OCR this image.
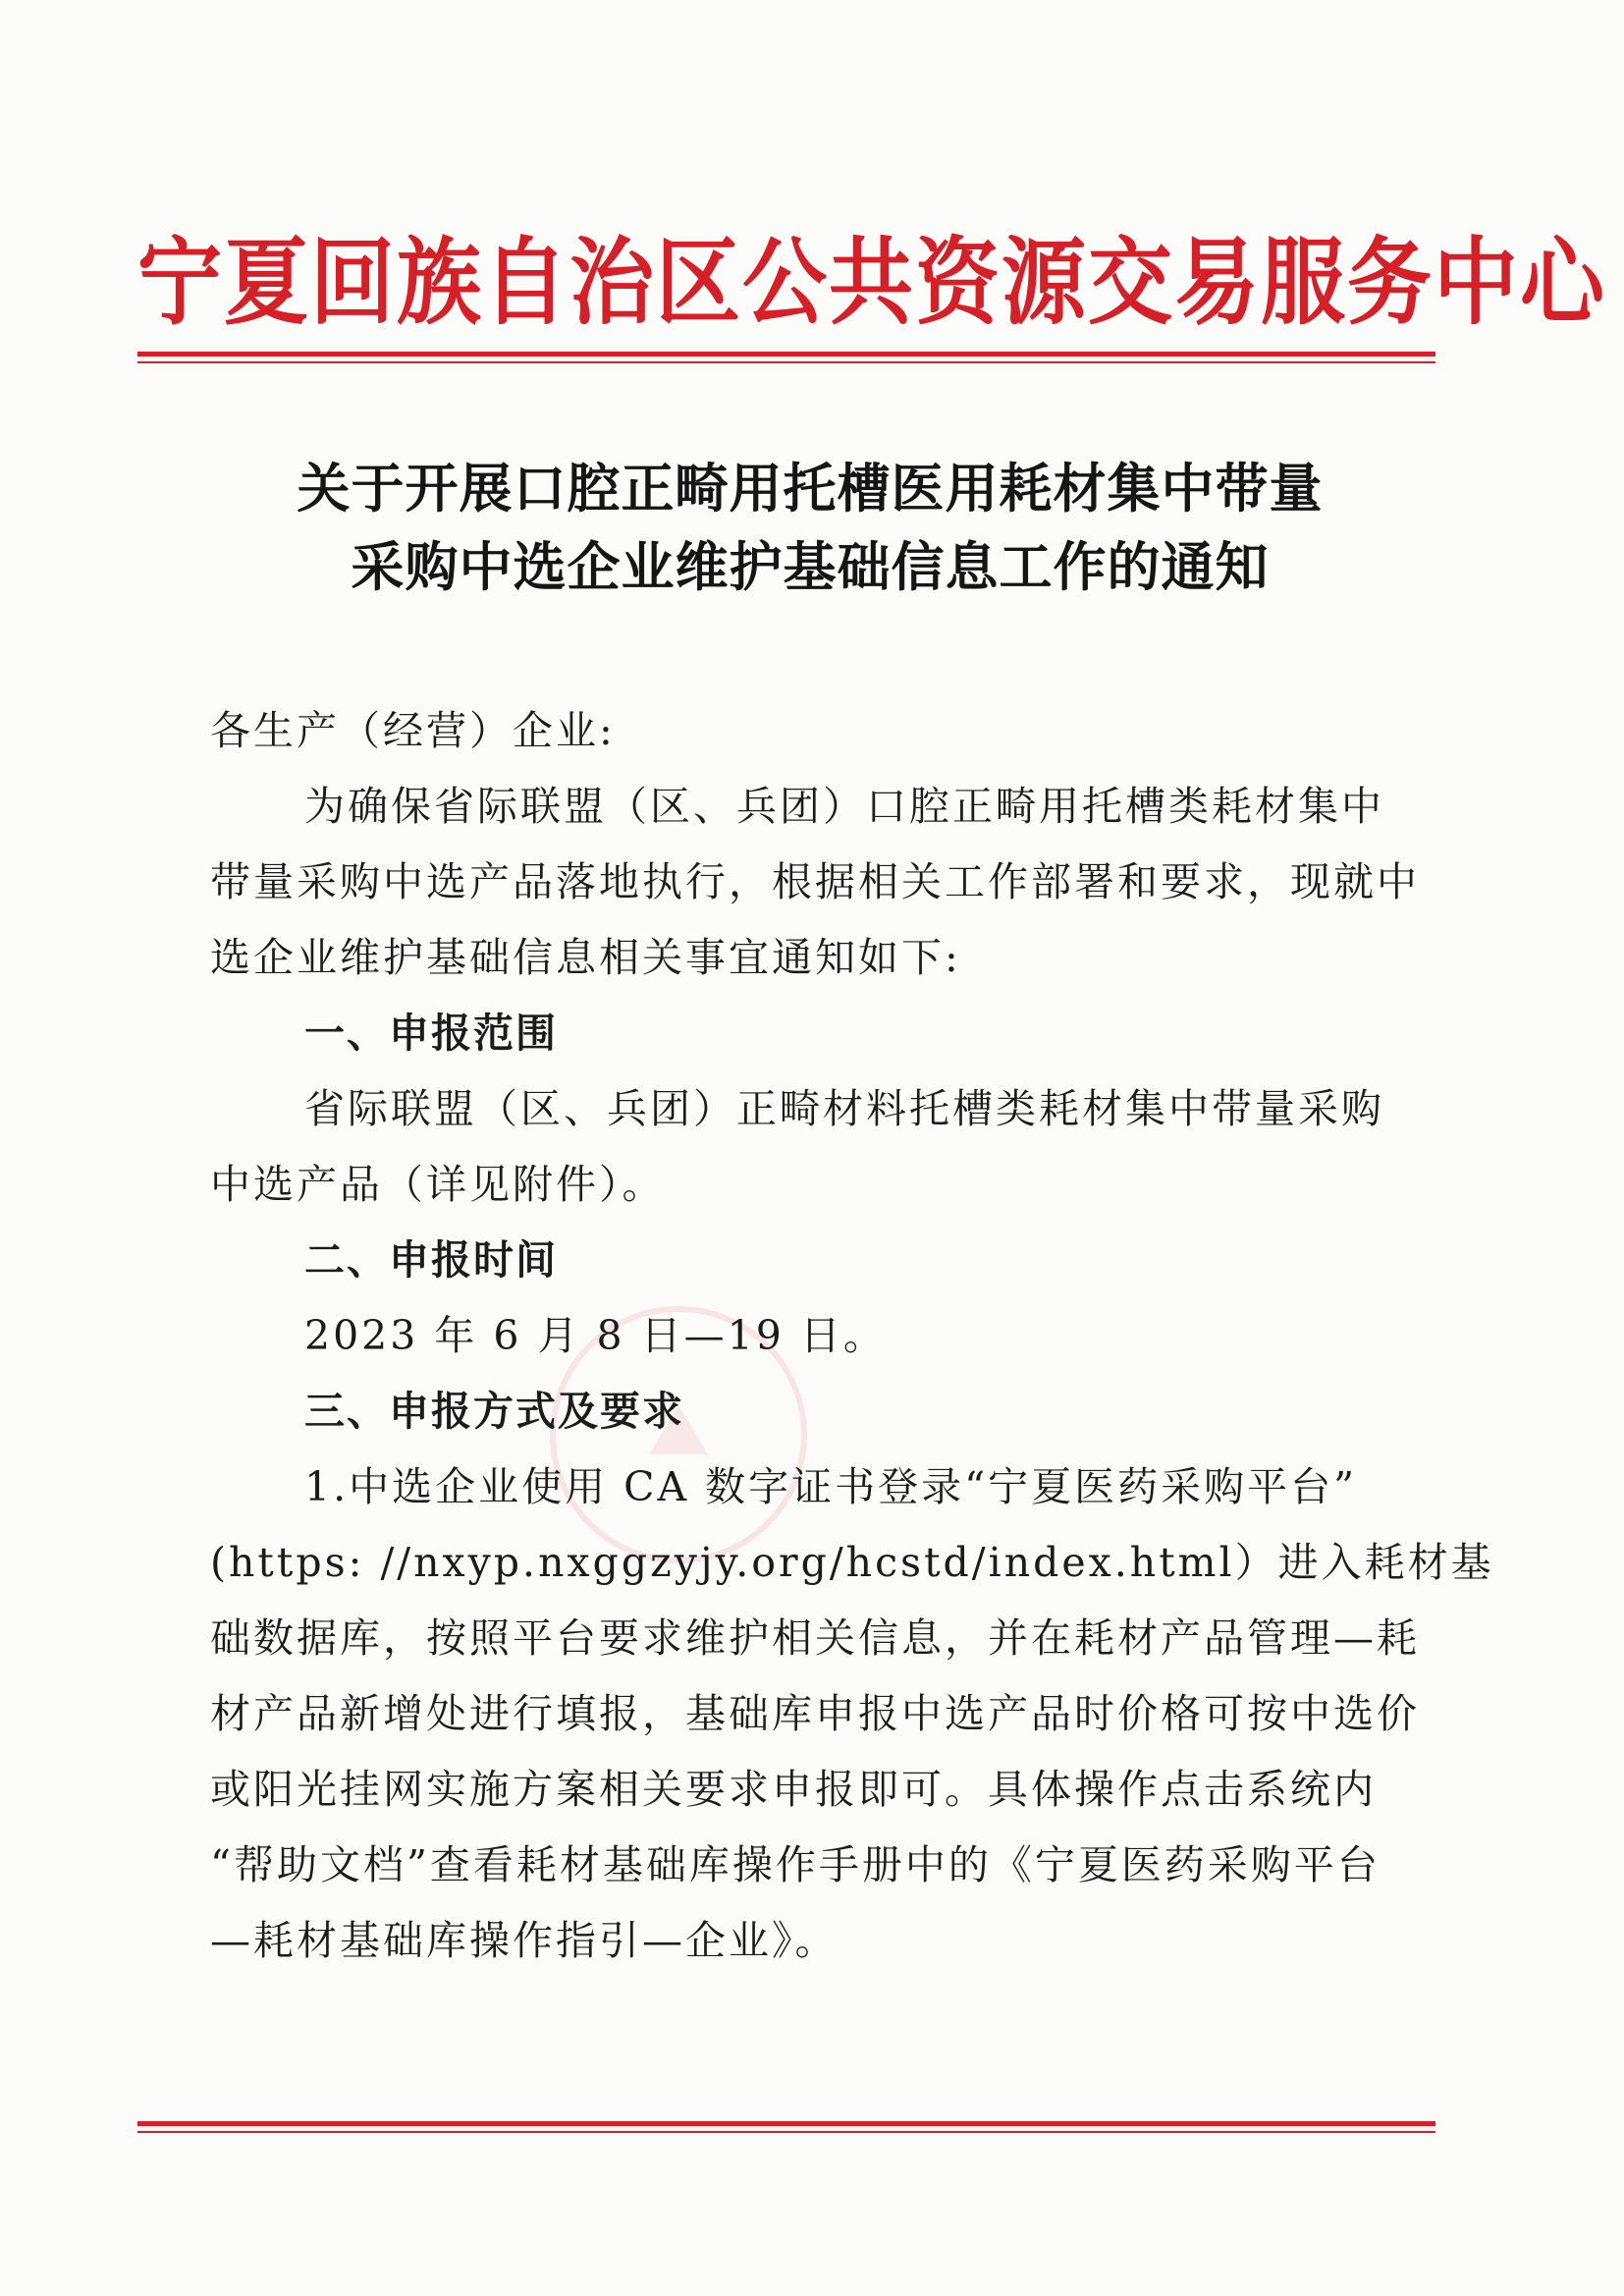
宁夏回族自治区公共资源交易服务中心
关于开展口腔正畸用托槽医用耗材集中带量
采购中选企业维护基础信息工作的通知

各生产（经营）企业:

为确保省际联盟（区、兵团）口腔正畸用托槽类耗材集中

带量采购中选产品落地执行，根据相关工作部署和要求，现就中

选企业维护基础信息相关事宜通知如下:

一、申报范围

省际联盟（区、兵团）正畸材料托槽类耗材集中带量采购

中选产品（详见附件）。

二、申报时间

2023 年 6 月 8 日—19 日。

三、申报方式及要求

1.中选企业使用 CA 数字证书登录“宁夏医药采购平台”

(https: //nxyp.nxggzyjy.org/hcstd/index.html）进入耗材基

础数据库，按照平台要求维护相关信息，并在耗材产品管理—耗

材产品新增处进行填报，基础库申报中选产品时价格可按中选价

或阳光挂网实施方案相关要求申报即可。具体操作点击系统内

“帮助文档”查看耗材基础库操作手册中的《宁夏医药采购平台

—耗材基础库操作指引—企业》。
